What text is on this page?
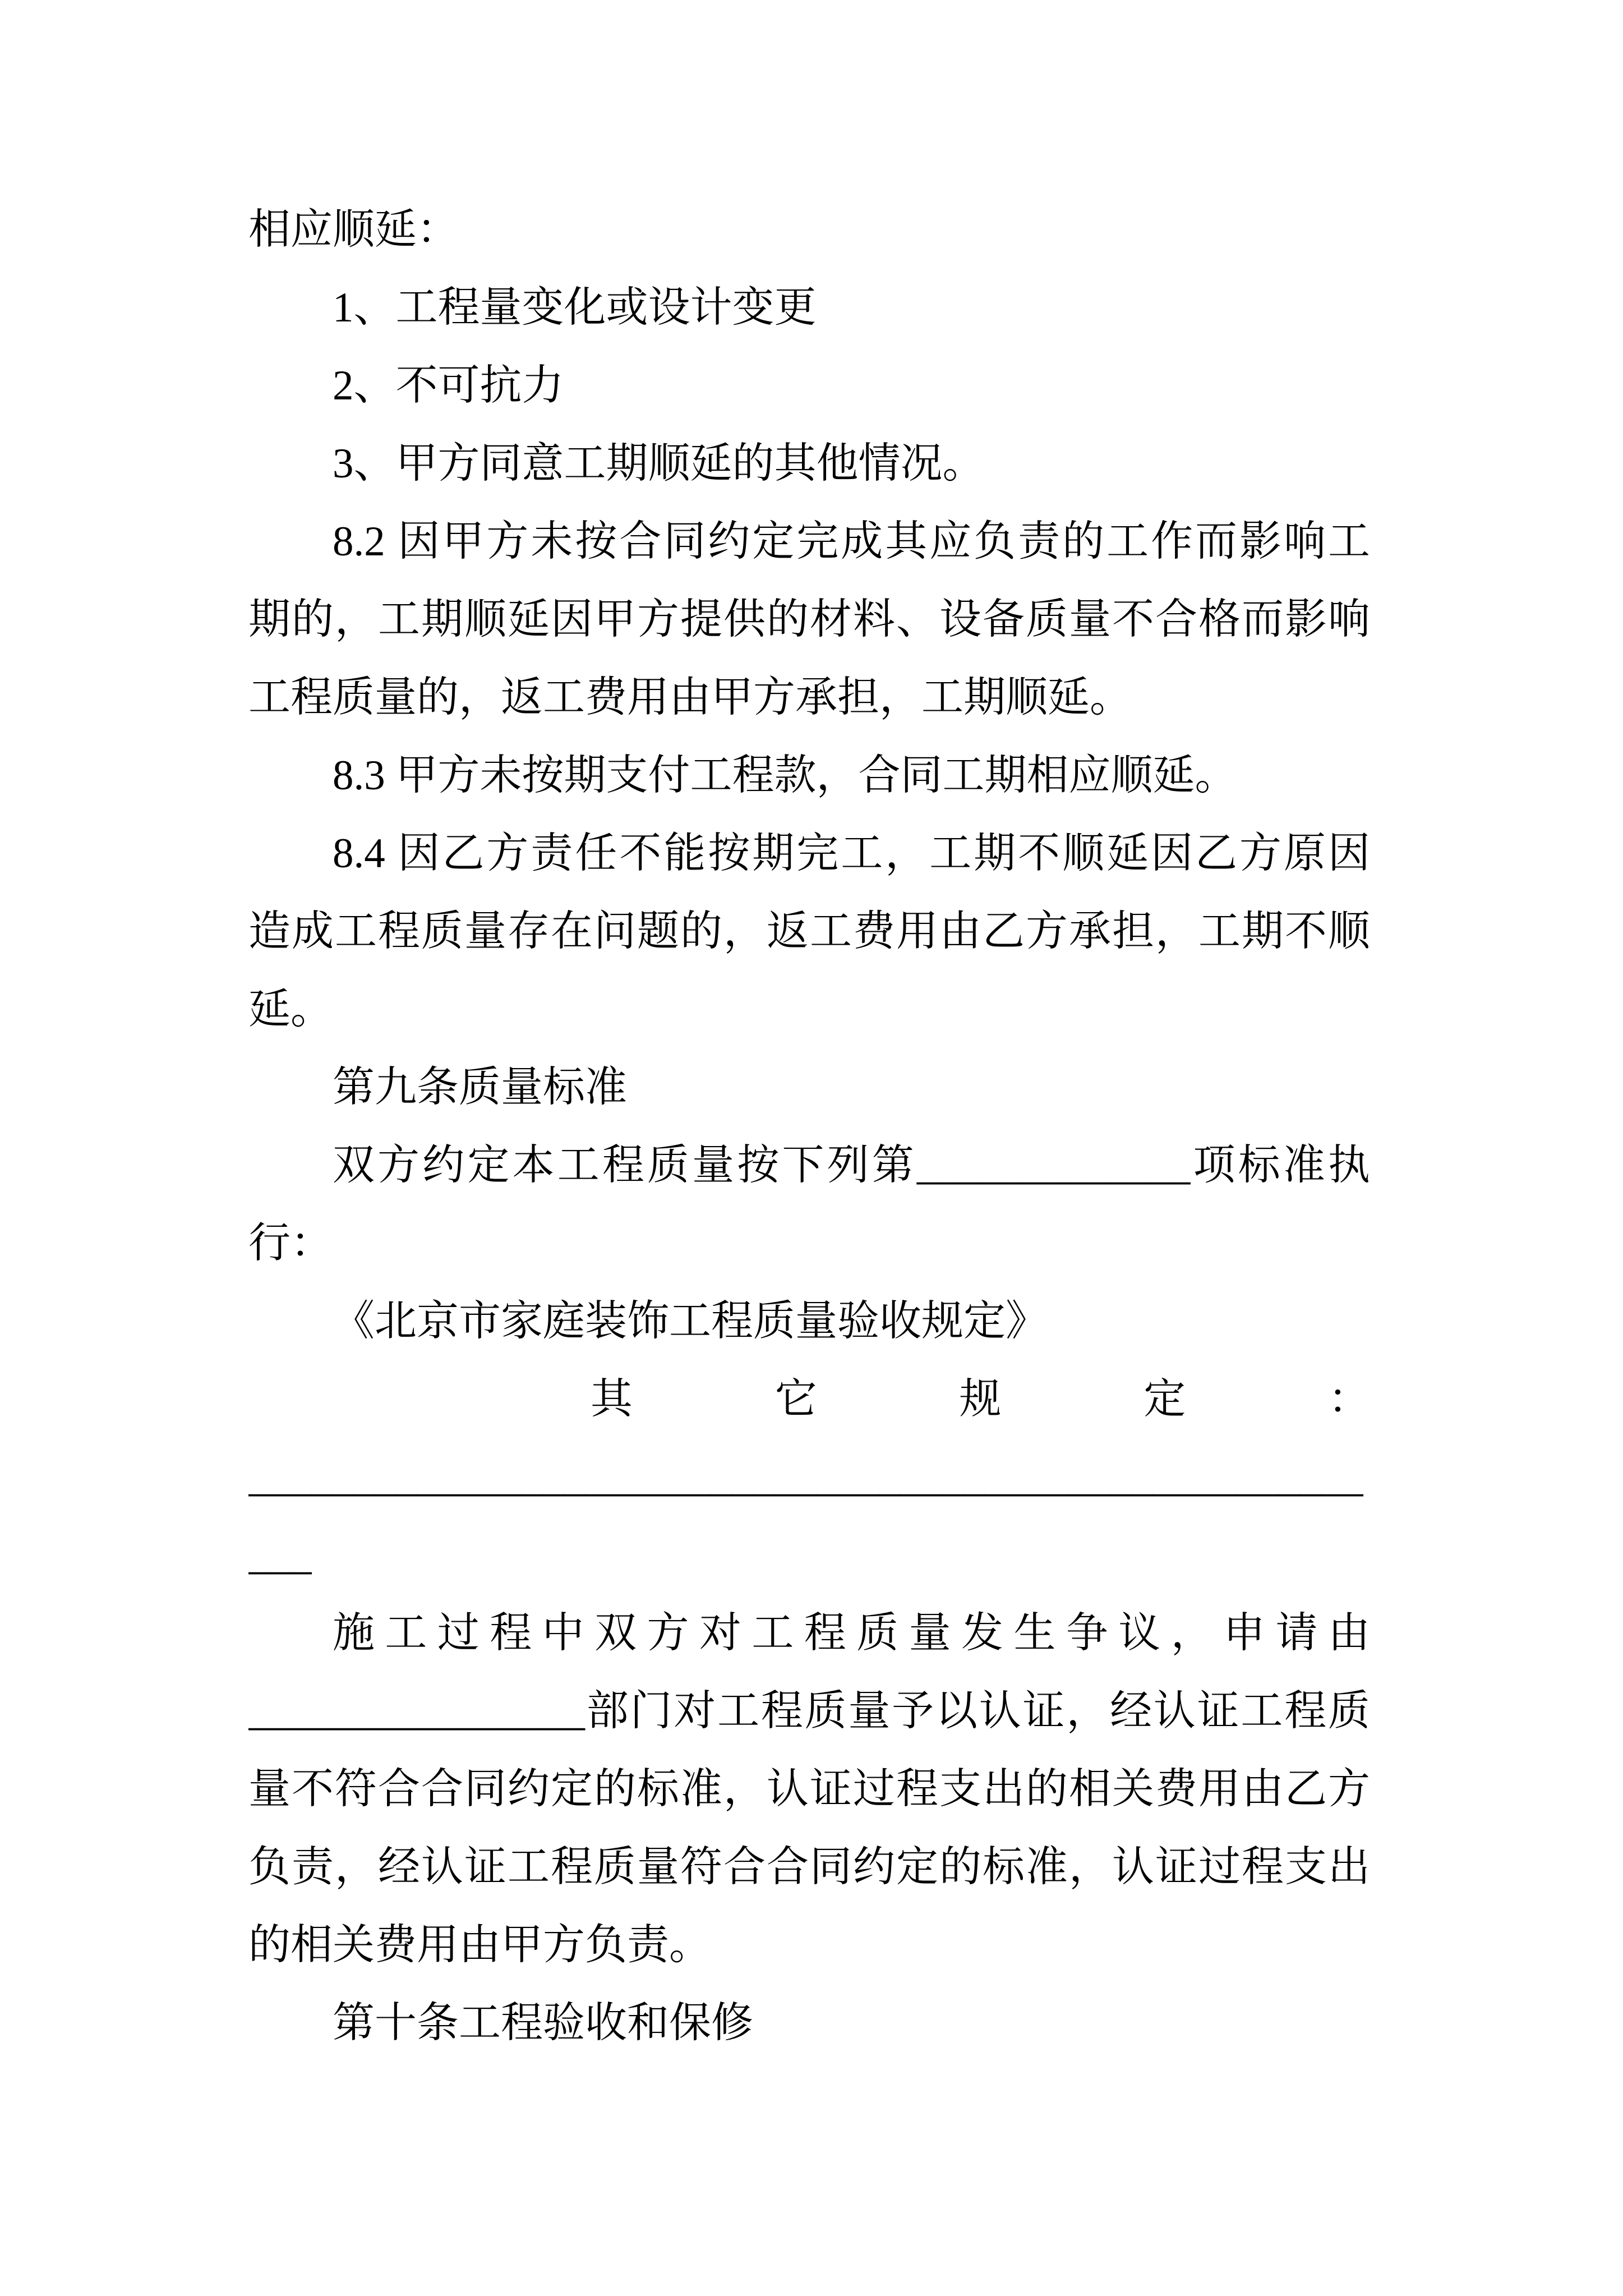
相应顺延：
1、工程量变化或设计变更
2、不可抗力
3、甲方同意工期顺延的其他情况。
8.2 因甲方未按合同约定完成其应负责的工作而影响工
期的，工期顺延因甲方提供的材料、设备质量不合格而影响
工程质量的，返工费用由甲方承担，工期顺延。
8.3 甲方未按期支付工程款，合同工期相应顺延。
8.4 因乙方责任不能按期完工，工期不顺延因乙方原因
造成工程质量存在问题的，返工费用由乙方承担，工期不顺
延。
第九条质量标准
双方约定本工程质量按下列第_____________项标准执
行：
《北京市家庭装饰工程质量验收规定》
其它规定：
_____________________________________________________
___
施工过程中双方对工程质量发生争议，申请由
________________部门对工程质量予以认证，经认证工程质
量不符合合同约定的标准，认证过程支出的相关费用由乙方
负责，经认证工程质量符合合同约定的标准，认证过程支出
的相关费用由甲方负责。
第十条工程验收和保修
